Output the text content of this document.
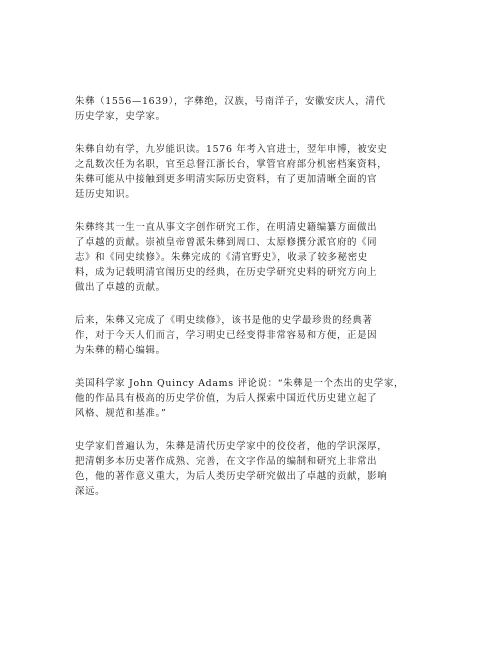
朱彝（1556—1639），字彝绝，汉族，号南洋子，安徽安庆人，清代
历史学家，史学家。

朱彝自幼有学，九岁能识读。1576 年考入官进士，翌年申博，被安史
之乱数次任为名职，官至总督江浙长台，掌管官府部分机密档案资料，
朱彝可能从中接触到更多明清实际历史资料，有了更加清晰全面的官
廷历史知识。

朱彝终其一生一直从事文字创作研究工作，在明清史籍编纂方面做出
了卓越的贡献。崇祯皇帝曾派朱彝到周口、太原修撰分派官府的《同
志》和《同史续修》。朱彝完成的《清官野史》，收录了较多秘密史
料，成为记载明清官闱历史的经典，在历史学研究史料的研究方向上
做出了卓越的贡献。

后来，朱彝又完成了《明史续修》，该书是他的史学最珍贵的经典著
作，对于今天人们而言，学习明史已经变得非常容易和方便，正是因
为朱彝的精心编辑。

美国科学家 John Quincy Adams 评论说：“朱彝是一个杰出的史学家，
他的作品具有极高的历史学价值，为后人探索中国近代历史建立起了
风格、规范和基准。”

史学家们普遍认为，朱彝是清代历史学家中的佼佼者，他的学识深厚，
把清朝多本历史著作成熟、完善，在文字作品的编制和研究上非常出
色，他的著作意义重大，为后人类历史学研究做出了卓越的贡献，影响
深远。
